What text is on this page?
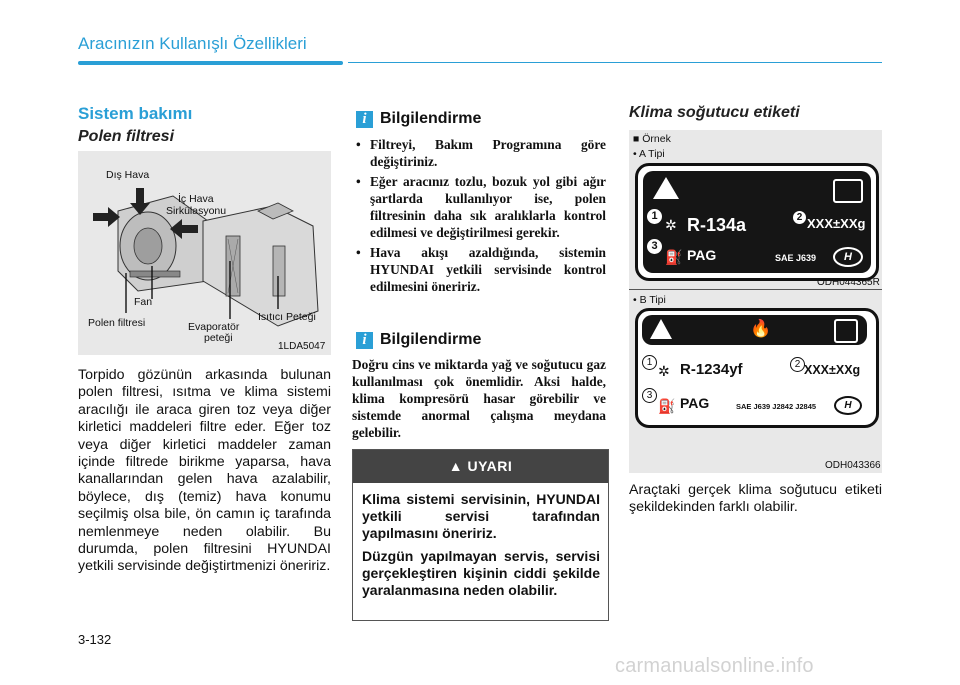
Aracınızın Kullanışlı Özellikleri
Sistem bakımı
Polen filtresi
Dış Hava
İç Hava
Sirkülasyonu
Fan
Polen filtresi	Evaporatör
peteği
Isıtıcı Peteği
1LDA5047
Torpido gözünün arkasında bulunan polen filtresi, ısıtma ve klima sistemi aracılığı ile araca giren toz veya diğer kirletici maddeleri filtre eder. Eğer toz veya diğer kirletici maddeler zaman içinde filtrede birikme yaparsa, hava kanallarından gelen hava azalabilir, böylece, dış (temiz) hava konumu seçilmiş olsa bile, ön camın iç tarafında nemlenmeye neden olabilir. Bu durumda, polen filtresini HYUNDAI yetkili servisinde değiştirtmenizi öneririz.
i Bilgilendirme
• Filtreyi, Bakım Programına göre değiştiriniz.
• Eğer aracınız tozlu, bozuk yol gibi ağır şartlarda kullanılıyor ise, polen filtresinin daha sık aralıklarla kontrol edilmesi ve değiştirilmesi gerekir.
• Hava akışı azaldığında, sistemin HYUNDAI yetkili servisinde kontrol edilmesini öneririz.
i Bilgilendirme
Doğru cins ve miktarda yağ ve soğutucu gaz kullanılması çok önemlidir. Aksi halde, klima kompresörü hasar görebilir ve sistemde anormal çalışma meydana gelebilir.
▲ UYARI

Klima sistemi servisinin, HYUNDAI yetkili servisi tarafından yapılmasını öneririz.

Düzgün yapılmayan servis, servisi gerçekleştiren kişinin ciddi şekilde yaralanmasına neden olabilir.

Klima soğutucu etiketi
■ Örnek
• A Tipi
1
✲ R-134a	2 XXX±XXg
3
⛽ PAG	SAE J639	H
ODH044365R
• B Tipi
🔥
1
✲ R-1234yf	2 XXX±XXg
3
⛽ PAG	SAE J639 J2842 J2845	H
ODH043366
Araçtaki gerçek klima soğutucu etiketi şekildekinden farklı olabilir.
3-132
carmanualsonline.info
